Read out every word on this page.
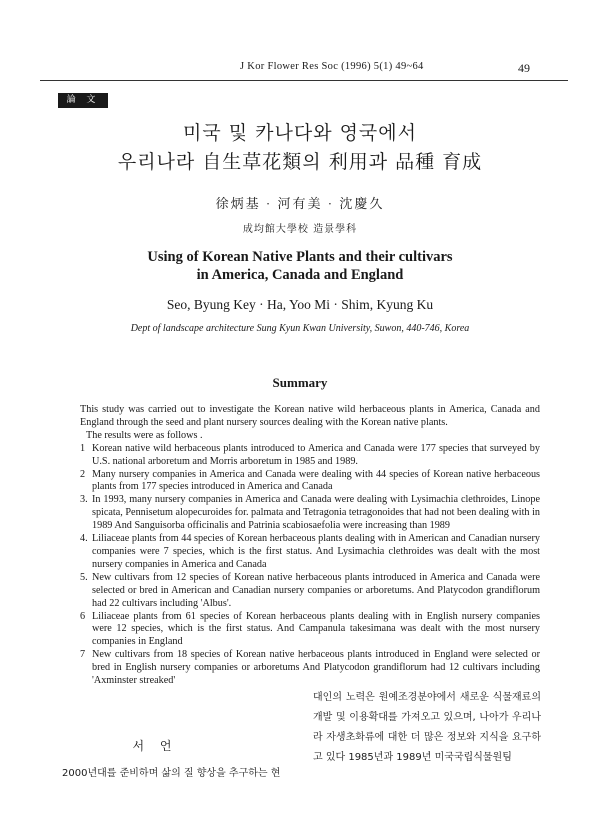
J Kor Flower Res Soc (1996) 5(1) 49~64	49
論 文
미국 및 카나다와 영국에서
우리나라 自生草花類의 利用과 品種 育成
徐炳基 · 河有美 · 沈慶久
成均館大學校 造景學科
Using of Korean Native Plants and their cultivars
in America, Canada and England
Seo, Byung Key · Ha, Yoo Mi · Shim, Kyung Ku
Dept of landscape architecture Sung Kyun Kwan University, Suwon, 440-746, Korea
Summary

This study was carried out to investigate the Korean native wild herbaceous plants in America, Canada and England through the seed and plant nursery sources dealing with the Korean native plants.

The results were as follows .

1 Korean native wild herbaceous plants introduced to America and Canada were 177 species that surveyed by U.S. national arboretum and Morris arboretum in 1985 and 1989.

2 Many nursery companies in America and Canada were dealing with 44 species of Korean native herbaceous plants from 177 species introduced in America and Canada

3. In 1993, many nursery companies in America and Canada were dealing with Lysimachia clethroides, Linope spicata, Pennisetum alopecuroides for. palmata and Tetragonia tetragonoides that had not been dealing with in 1989 And Sanguisorba officinalis and Patrinia scabiosaefolia were increasing than 1989

4. Liliaceae plants from 44 species of Korean herbaceous plants dealing with in American and Canadian nursery companies were 7 species, which is the first status. And Lysimachia clethroides was dealt with the most nursery companies in America and Canada

5. New cultivars from 12 species of Korean native herbaceous plants introduced in America and Canada were selected or bred in American and Canadian nursery companies or arboretums. And Platycodon grandiflorum had 22 cultivars including 'Albus'.

6 Liliaceae plants from 61 species of Korean herbaceous plants dealing with in English nursery companies were 12 species, which is the first status. And Campanula takesimana was dealt with the most nursery companies in England

7 New cultivars from 18 species of Korean native herbaceous plants introduced in England were selected or bred in English nursery companies or arboretums And Platycodon grandiflorum had 12 cultivars including 'Axminster streaked'

서 언
2000년대를 준비하며 삶의 질 향상을 추구하는 현

대인의 노력은 원예조경분야에서 새로운 식물재료의 개발 및 이용확대를 가져오고 있으며, 나아가 우리나라 자생초화류에 대한 더 많은 정보와 지식을 요구하고 있다 1985년과 1989년 미국국립식물원팀
